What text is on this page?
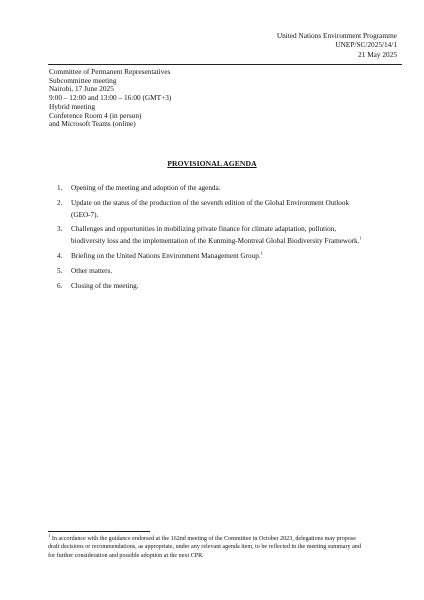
United Nations Environment Programme
UNEP/SC/2025/14/1
21 May 2025
Committee of Permanent Representatives
Subcommittee meeting
Nairobi, 17 June 2025
9:00 – 12:00 and 13:00 – 16:00 (GMT+3)
Hybrid meeting
Conference Room 4 (in person)
and Microsoft Teams (online)
PROVISIONAL AGENDA
1. Opening of the meeting and adoption of the agenda.
2. Update on the status of the production of the seventh edition of the Global Environment Outlook (GEO-7).
3. Challenges and opportunities in mobilizing private finance for climate adaptation, pollution, biodiversity loss and the implementation of the Kunming-Montreal Global Biodiversity Framework.$^1$
4. Briefing on the United Nations Environment Management Group.$^1$
5. Other matters.
6. Closing of the meeting.
$^1$ In accordance with the guidance endorsed at the 162nd meeting of the Committee in October 2023, delegations may propose draft decisions or recommendations, as appropriate, under any relevant agenda item, to be reflected in the meeting summary and for further consideration and possible adoption at the next CPR.
